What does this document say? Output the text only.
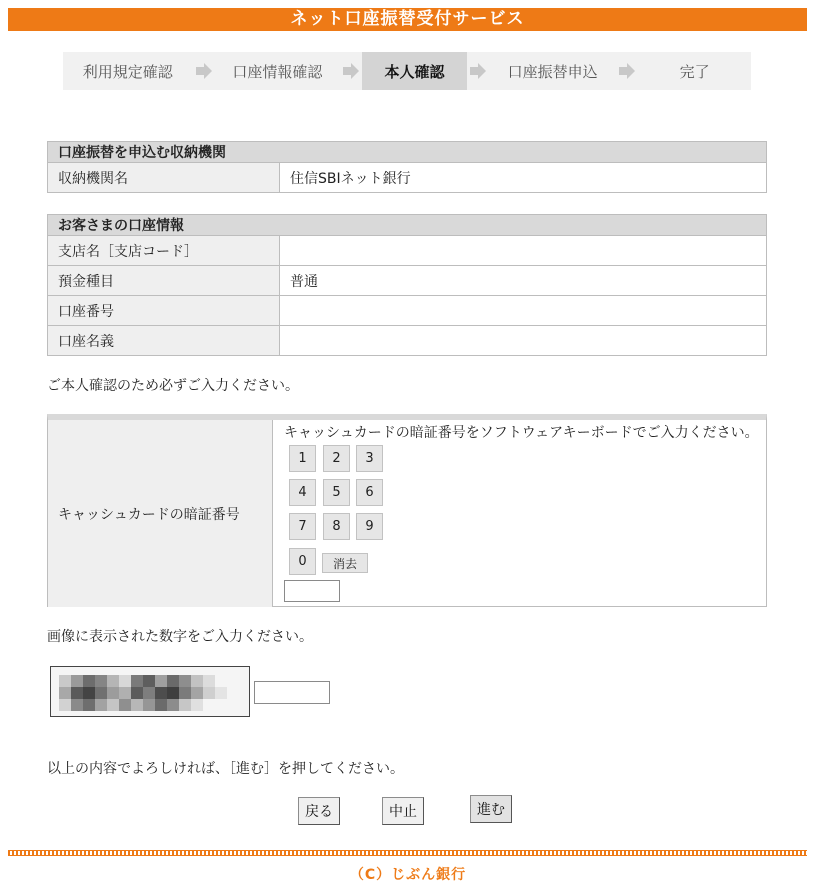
ネット口座振替受付サービス
利用規定確認	口座情報確認	本人確認	口座振替申込	完了
口座振替を申込む収納機関
収納機関名	住信SBIネット銀行
お客さまの口座情報	
支店名［支店コード］	
預金種目	普通
口座番号	
口座名義	
ご本人確認のため必ずご入力ください。
キャッシュカードの暗証番号
キャッシュカードの暗証番号をソフトウェアキーボードでご入力ください。
1	2	3
4	5	6
7	8	9
0	消去
画像に表示された数字をご入力ください。
以上の内容でよろしければ、［進む］を押してください。
戻る	中止	進む
（C）じぶん銀行
